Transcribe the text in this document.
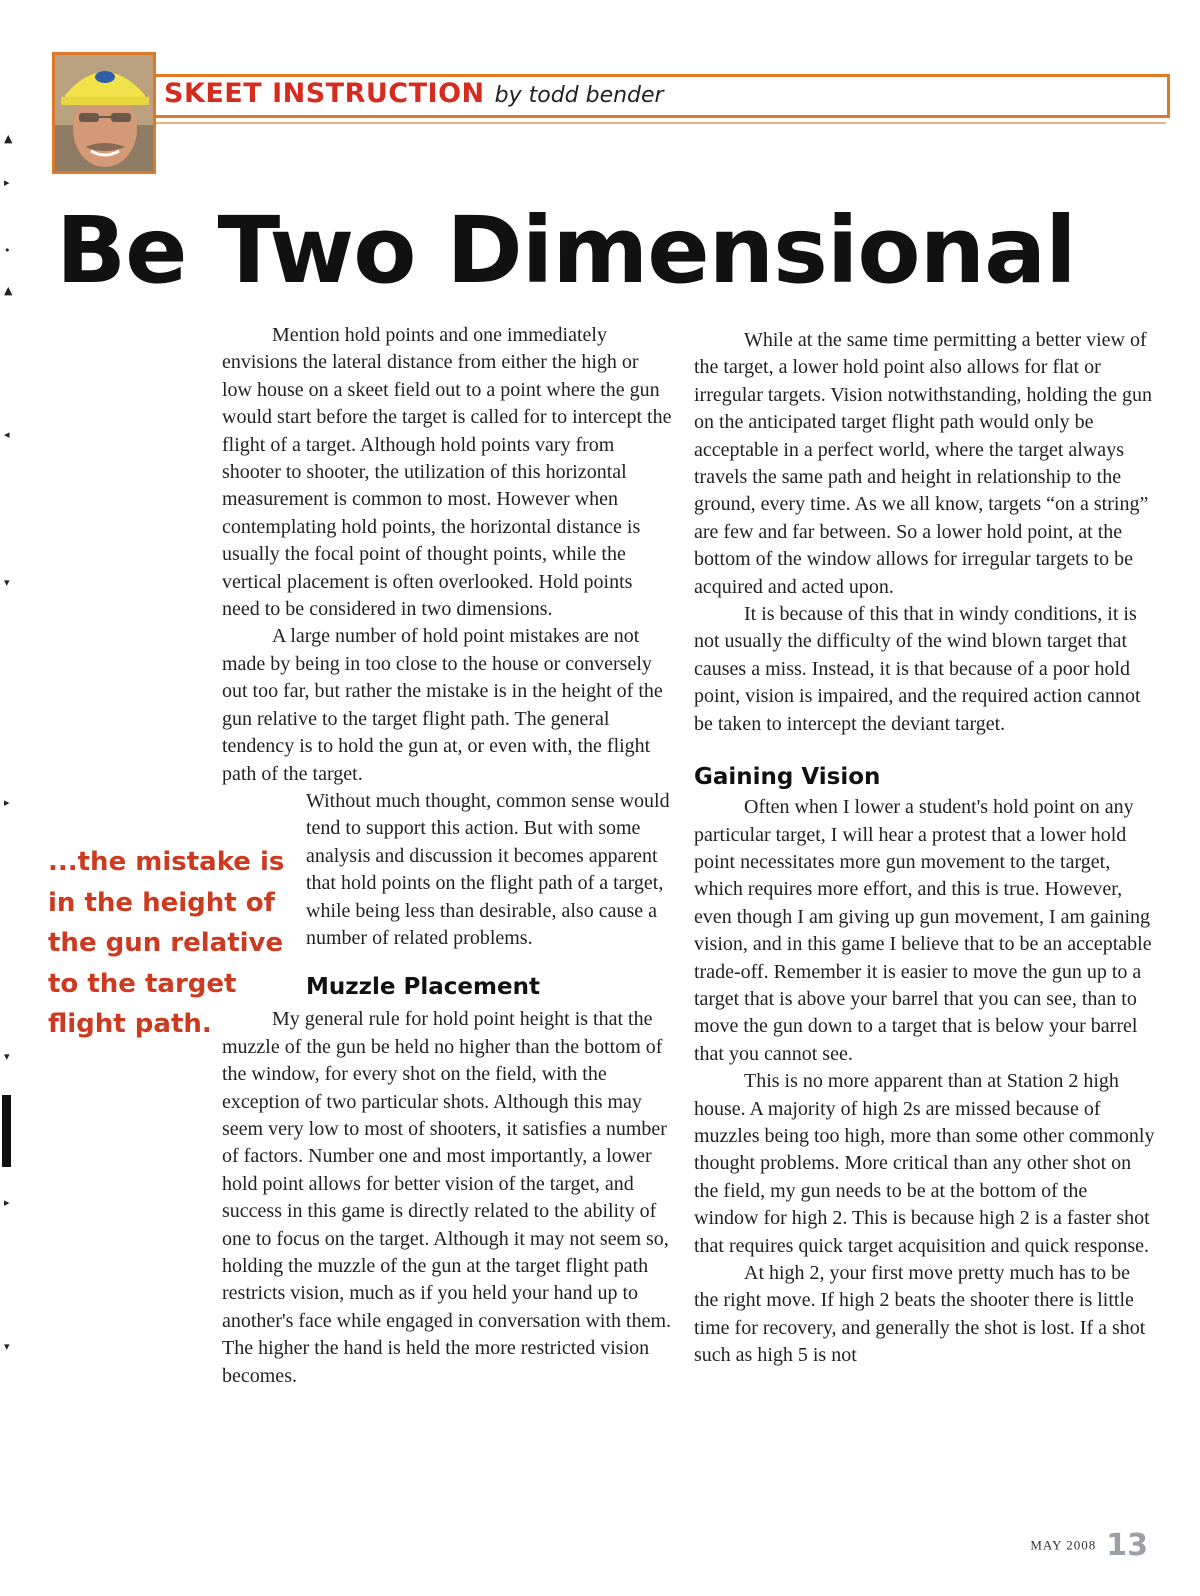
▲
▸
•
▲
◂
▾
▸
▾
▸
▾
SKEET INSTRUCTION by todd bender
Be Two Dimensional

Mention hold points and one immediately envisions the lateral distance from either the high or low house on a skeet field out to a point where the gun would start before the target is called for to intercept the flight of a target. Although hold points vary from shooter to shooter, the utilization of this horizontal measurement is common to most. However when contemplating hold points, the horizontal distance is usually the focal point of thought points, while the vertical placement is often overlooked. Hold points need to be considered in two dimensions.

A large number of hold point mistakes are not made by being in too close to the house or conversely out too far, but rather the mistake is in the height of the gun relative to the target flight path. The general tendency is to hold the gun at, or even with, the flight path of the target.

Without much thought, common sense would tend to support this action. But with some analysis and discussion it becomes apparent that hold points on the flight path of a target, while being less than desirable, also cause a number of related problems.

Muzzle Placement

My general rule for hold point height is that the muzzle of the gun be held no higher than the bottom of the window, for every shot on the field, with the exception of two particular shots. Although this may seem very low to most of shooters, it satisfies a number of factors. Number one and most importantly, a lower hold point allows for better vision of the target, and success in this game is directly related to the ability of one to focus on the target. Although it may not seem so, holding the muzzle of the gun at the target flight path restricts vision, much as if you held your hand up to another's face while engaged in conversation with them. The higher the hand is held the more restricted vision becomes.

While at the same time permitting a better view of the target, a lower hold point also allows for flat or irregular targets. Vision notwithstanding, holding the gun on the anticipated target flight path would only be acceptable in a perfect world, where the target always travels the same path and height in relationship to the ground, every time. As we all know, targets “on a string” are few and far between. So a lower hold point, at the bottom of the window allows for irregular targets to be acquired and acted upon.

It is because of this that in windy conditions, it is not usually the difficulty of the wind blown target that causes a miss. Instead, it is that because of a poor hold point, vision is impaired, and the required action cannot be taken to intercept the deviant target.

Gaining Vision

Often when I lower a student's hold point on any particular target, I will hear a protest that a lower hold point necessitates more gun movement to the target, which requires more effort, and this is true. However, even though I am giving up gun movement, I am gaining vision, and in this game I believe that to be an acceptable trade-off. Remember it is easier to move the gun up to a target that is above your barrel that you can see, than to move the gun down to a target that is below your barrel that you cannot see.

This is no more apparent than at Station 2 high house. A majority of high 2s are missed because of muzzles being too high, more than some other commonly thought problems. More critical than any other shot on the field, my gun needs to be at the bottom of the window for high 2. This is because high 2 is a faster shot that requires quick target acquisition and quick response.

At high 2, your first move pretty much has to be the right move. If high 2 beats the shooter there is little time for recovery, and generally the shot is lost. If a shot such as high 5 is not

...the mistake is in the height of the gun relative to the target flight path.

MAY 2008 13
